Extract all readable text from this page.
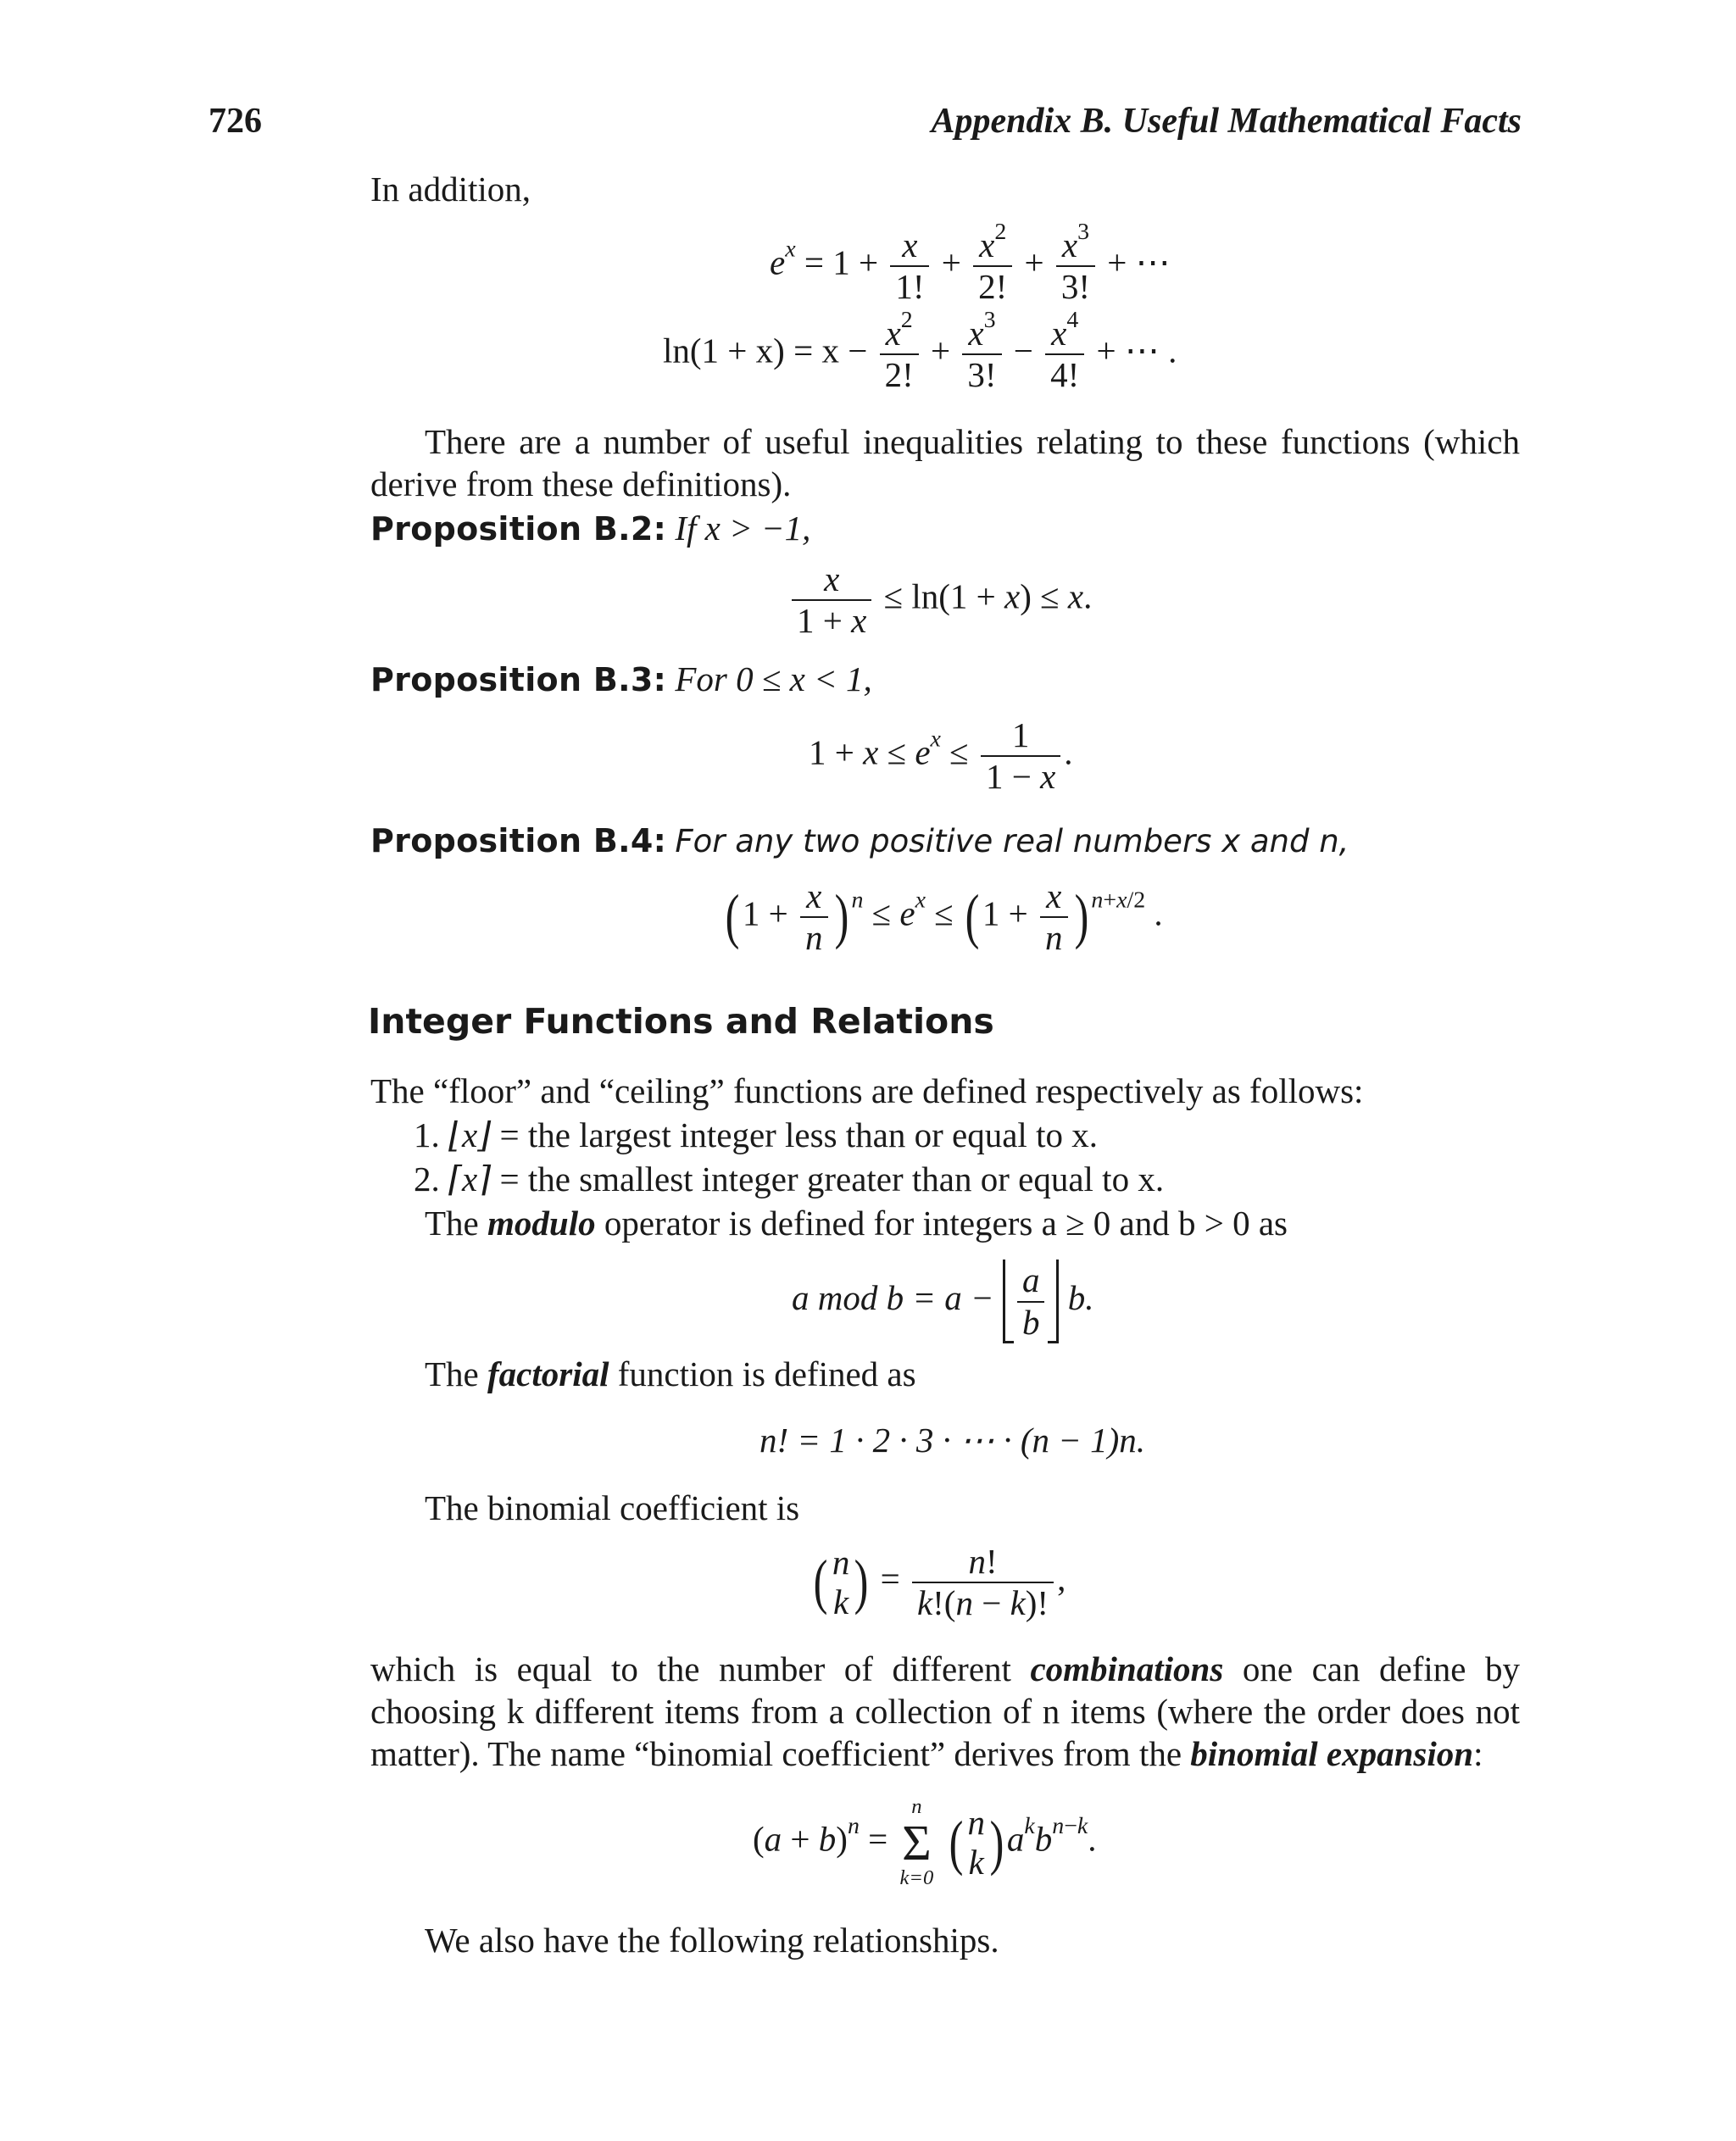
726	Appendix B. Useful Mathematical Facts
In addition,
$e^x = 1 + \frac{x}{1!} + \frac{x^2}{2!} + \frac{x^3}{3!}$ + ⋯
$\ln(1 + x) = x - \frac{x^2}{2!} + \frac{x^3}{3!} - \frac{x^4}{4!}$ + ⋯ .
There are a number of useful inequalities relating to these functions (which derive from these definitions).
Proposition B.2: If x > −1,
$\frac{x}{1 + x} \le \ln(1 + x) \le x$.
Proposition B.3: For 0 ≤ x < 1,
$1 + x \le e^x \le \frac{1}{1 - x}$ .
Proposition B.4: For any two positive real numbers x and n,
($1 + \frac{x}{n}$ ) $^n \le e^x \le (1 + \frac{x}{n}$ ) $^{n+x/2}$ .
Integer Functions and Relations
The “floor” and “ceiling” functions are defined respectively as follows:
1. ⌊x⌋ = the largest integer less than or equal to x.
2. ⌈x⌉ = the smallest integer greater than or equal to x.
The modulo operator is defined for integers a ≥ 0 and b > 0 as
a mod $b = a - \frac{a}{b} b$.
The factorial function is defined as
n! = 1 · 2 · 3 · ⋯ · (n − 1)n.
The binomial coefficient is
( n
k ) = $\frac{n!}{k!(n - k)!}$ ,
which is equal to the number of different combinations one can define by choosing k different items from a collection of n items (where the order does not matter). The name “binomial coefficient” derives from the binomial expansion:
$(a + b)^n$ =
n
Σ
k=0

( n
k ) $a^kb^{n-k}$.
We also have the following relationships.
